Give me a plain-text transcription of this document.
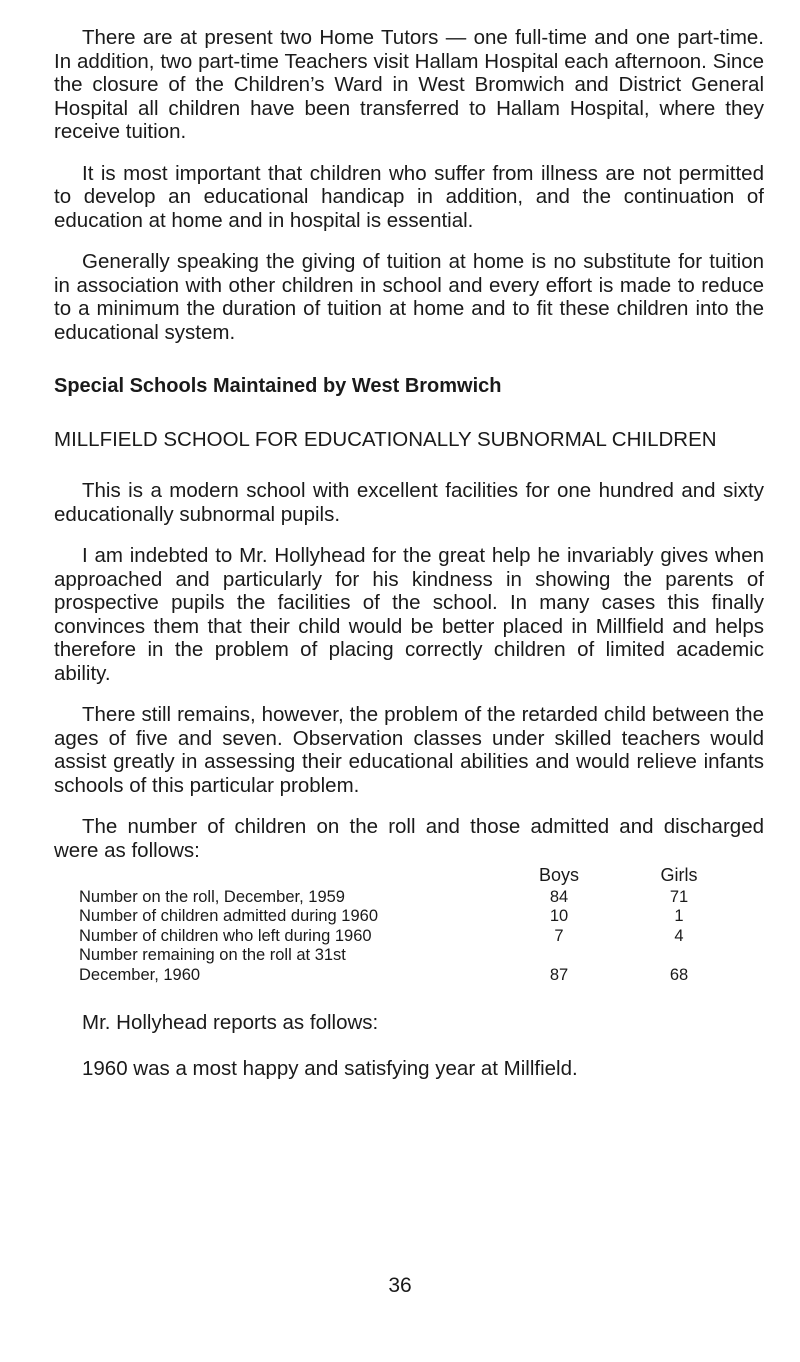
There are at present two Home Tutors — one full-time and one part-time. In addition, two part-time Teachers visit Hallam Hospital each afternoon. Since the closure of the Children’s Ward in West Bromwich and District General Hospital all children have been transferred to Hallam Hospital, where they receive tuition.

It is most important that children who suffer from illness are not permitted to develop an educational handicap in addition, and the continuation of education at home and in hospital is essential.

Generally speaking the giving of tuition at home is no substitute for tuition in association with other children in school and every effort is made to reduce to a minimum the duration of tuition at home and to fit these children into the educational system.

Special Schools Maintained by West Bromwich

MILLFIELD SCHOOL FOR EDUCATIONALLY SUBNORMAL CHILDREN

This is a modern school with excellent facilities for one hundred and sixty educationally subnormal pupils.

I am indebted to Mr. Hollyhead for the great help he invariably gives when approached and particularly for his kindness in showing the parents of prospective pupils the facilities of the school. In many cases this finally convinces them that their child would be better placed in Millfield and helps therefore in the problem of placing correctly children of limited academic ability.

There still remains, however, the problem of the retarded child between the ages of five and seven. Observation classes under skilled teachers would assist greatly in assessing their educational abilities and would relieve infants schools of this particular problem.

The number of children on the roll and those admitted and discharged were as follows:

	Boys	Girls
Number on the roll, December, 1959	84	71
Number of children admitted during 1960	10	1
Number of children who left during 1960	7	4
Number remaining on the roll at 31st		
December, 1960	87	68

Mr. Hollyhead reports as follows:

1960 was a most happy and satisfying year at Millfield.

36
